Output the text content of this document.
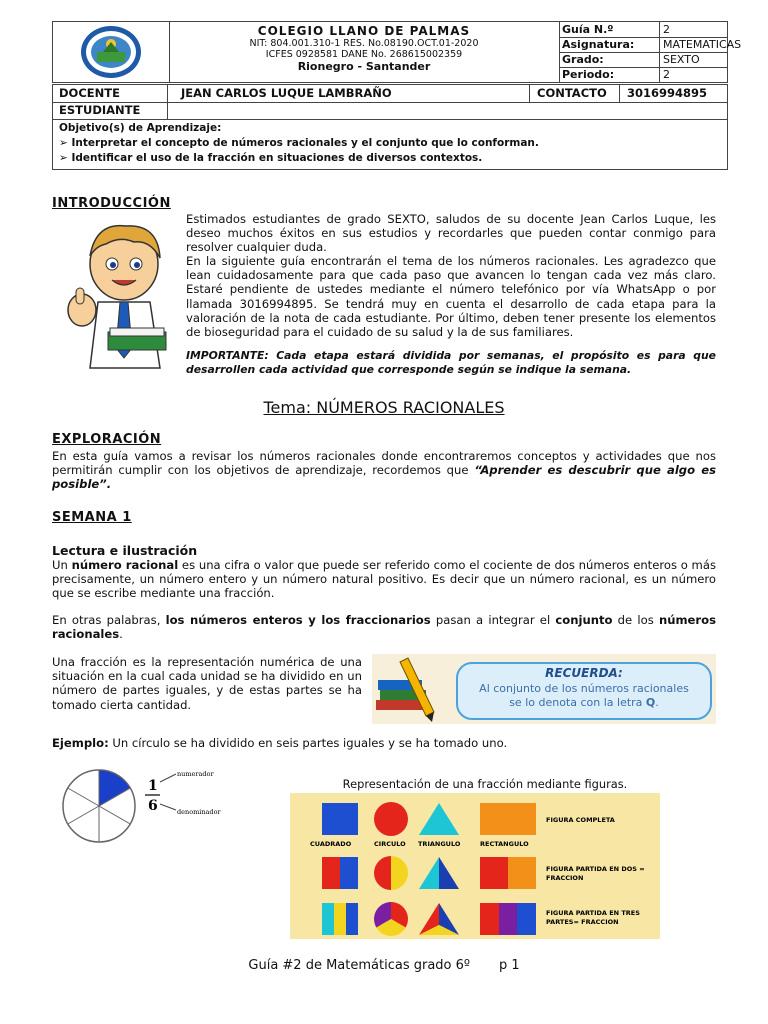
COLEGIO LLANO DE PALMAS
NIT: 804.001.310-1 RES. No.08190.OCT.01-2020
ICFES 0928581 DANE No. 268615002359
Rionegro - Santander
Guía N.º	2
Asignatura:	MATEMATICAS
Grado:	SEXTO
Periodo:	2
DOCENTE	JEAN CARLOS LUQUE LAMBRAÑO	CONTACTO 3016994895
ESTUDIANTE
Objetivo(s) de Aprendizaje:
➢ Interpretar el concepto de números racionales y el conjunto que lo conforman.
➢ Identificar el uso de la fracción en situaciones de diversos contextos.
INTRODUCCIÓN
Estimados estudiantes de grado SEXTO, saludos de su docente Jean Carlos Luque, les deseo muchos éxitos en sus estudios y recordarles que pueden contar conmigo para resolver cualquier duda.
En la siguiente guía encontrarán el tema de los números racionales. Les agradezco que lean cuidadosamente para que cada paso que avancen lo tengan cada vez más claro. Estaré pendiente de ustedes mediante el número telefónico por vía WhatsApp o por llamada 3016994895. Se tendrá muy en cuenta el desarrollo de cada etapa para la valoración de la nota de cada estudiante. Por último, deben tener presente los elementos de bioseguridad para el cuidado de su salud y la de sus familiares.
IMPORTANTE: Cada etapa estará dividida por semanas, el propósito es para que desarrollen cada actividad que corresponde según se indique la semana.
Tema: NÚMEROS RACIONALES
EXPLORACIÓN
En esta guía vamos a revisar los números racionales donde encontraremos conceptos y actividades que nos permitirán cumplir con los objetivos de aprendizaje, recordemos que “Aprender es descubrir que algo es posible”.
SEMANA 1
Lectura e ilustración
Un número racional es una cifra o valor que puede ser referido como el cociente de dos números enteros o más precisamente, un número entero y un número natural positivo. Es decir que un número racional, es un número que se escribe mediante una fracción.
En otras palabras, los números enteros y los fraccionarios pasan a integrar el conjunto de los números racionales.
Una fracción es la representación numérica de una situación en la cual cada unidad se ha dividido en un número de partes iguales, y de estas partes se ha tomado cierta cantidad.
RECUERDA:
Al conjunto de los números racionales
se lo denota con la letra Q.
Ejemplo: Un círculo se ha dividido en seis partes iguales y se ha tomado uno.
1
6
numerador
denominador
Representación de una fracción mediante figuras.
CUADRADO	CIRCULO TRIANGULO	RECTANGULO
FIGURA COMPLETA
FIGURA PARTIDA EN DOS =
FRACCION
FIGURA PARTIDA EN TRES
PARTES= FRACCION
Guía #2 de Matemáticas grado 6º       p 1
